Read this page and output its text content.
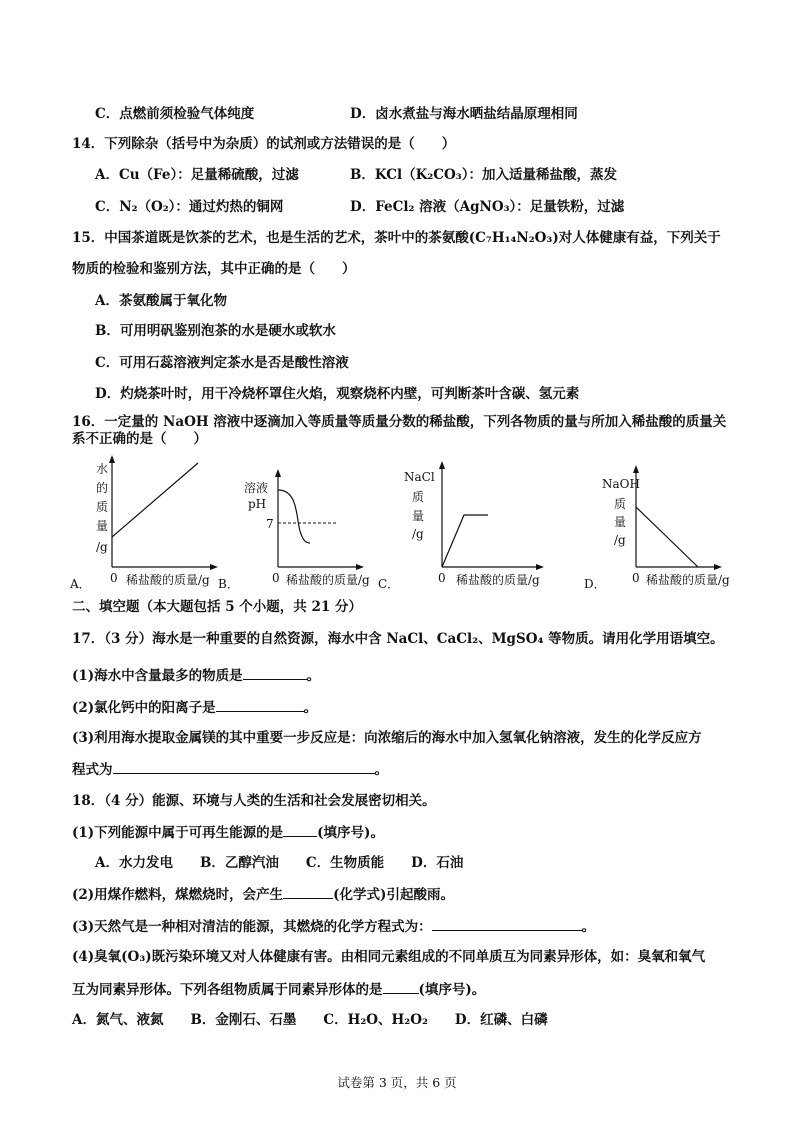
C．点燃前须检验气体纯度	D．卤水煮盐与海水晒盐结晶原理相同
14．下列除杂（括号中为杂质）的试剂或方法错误的是（　　）
A．Cu（Fe）：足量稀硫酸，过滤	B．KCl（K₂CO₃）：加入适量稀盐酸，蒸发
C．N₂（O₂）：通过灼热的铜网	D．FeCl₂ 溶液（AgNO₃）：足量铁粉，过滤
15．中国茶道既是饮茶的艺术，也是生活的艺术，茶叶中的茶氨酸(C₇H₁₄N₂O₃)对人体健康有益，下列关于
物质的检验和鉴别方法，其中正确的是（　　）
A．茶氨酸属于氧化物
B．可用明矾鉴别泡茶的水是硬水或软水
C．可用石蕊溶液判定茶水是否是酸性溶液
D．灼烧茶叶时，用干冷烧杯罩住火焰，观察烧杯内壁，可判断茶叶含碳、氢元素
16．一定量的 NaOH 溶液中逐滴加入等质量等质量分数的稀盐酸，下列各物质的量与所加入稀盐酸的质量关
系不正确的是（　　）
A．
水
的
质
量
/g
0 稀盐酸的质量/g B．
溶液
pH
7
0 稀盐酸的质量/g C．
NaCl
质
量
/g
0 稀盐酸的质量/g	D．
NaOH
质
量
/g
0 稀盐酸的质量/g
二、填空题（本大题包括 5 个小题，共 21 分）
17．（3 分）海水是一种重要的自然资源，海水中含 NaCl、CaCl₂、MgSO₄ 等物质。请用化学用语填空。
(1)海水中含量最多的物质是	。
(2)氯化钙中的阳离子是	。
(3)利用海水提取金属镁的其中重要一步反应是：向浓缩后的海水中加入氢氧化钠溶液，发生的化学反应方
程式为	。
18．（4 分）能源、环境与人类的生活和社会发展密切相关。
(1)下列能源中属于可再生能源的是	(填序号)。
A．水力发电　　B．乙醇汽油　　C．生物质能　　D．石油
(2)用煤作燃料，煤燃烧时，会产生	(化学式)引起酸雨。
(3)天然气是一种相对清洁的能源，其燃烧的化学方程式为：	。
(4)臭氧(O₃)既污染环境又对人体健康有害。由相同元素组成的不同单质互为同素异形体，如：臭氧和氧气
互为同素异形体。下列各组物质属于同素异形体的是	(填序号)。
A．氮气、液氮　　B．金刚石、石墨　　C．H₂O、H₂O₂　　D．红磷、白磷
试卷第 3 页，共 6 页
